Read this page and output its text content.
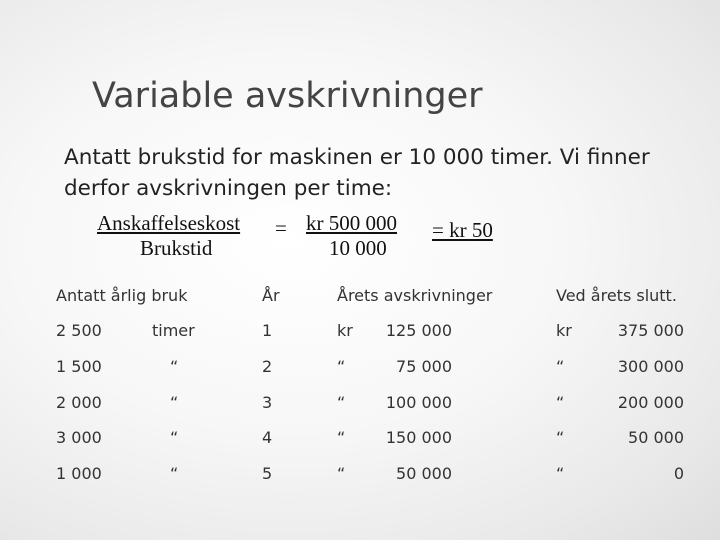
Variable avskrivninger
Antatt brukstid for maskinen er 10 000 timer. Vi finner derfor avskrivningen per time:
Anskaffelseskost
Brukstid
= kr 500 000
10 000
= kr 50
Antatt årlig bruk	År	Årets avskrivninger	Ved årets slutt.
2 500	timer	1	kr	125 000	kr	375 000
1 500	“	2	“	75 000	“	300 000
2 000	“	3	“	100 000	“	200 000
3 000	“	4	“	150 000	“	50 000
1 000	“	5	“	50 000	“	0
